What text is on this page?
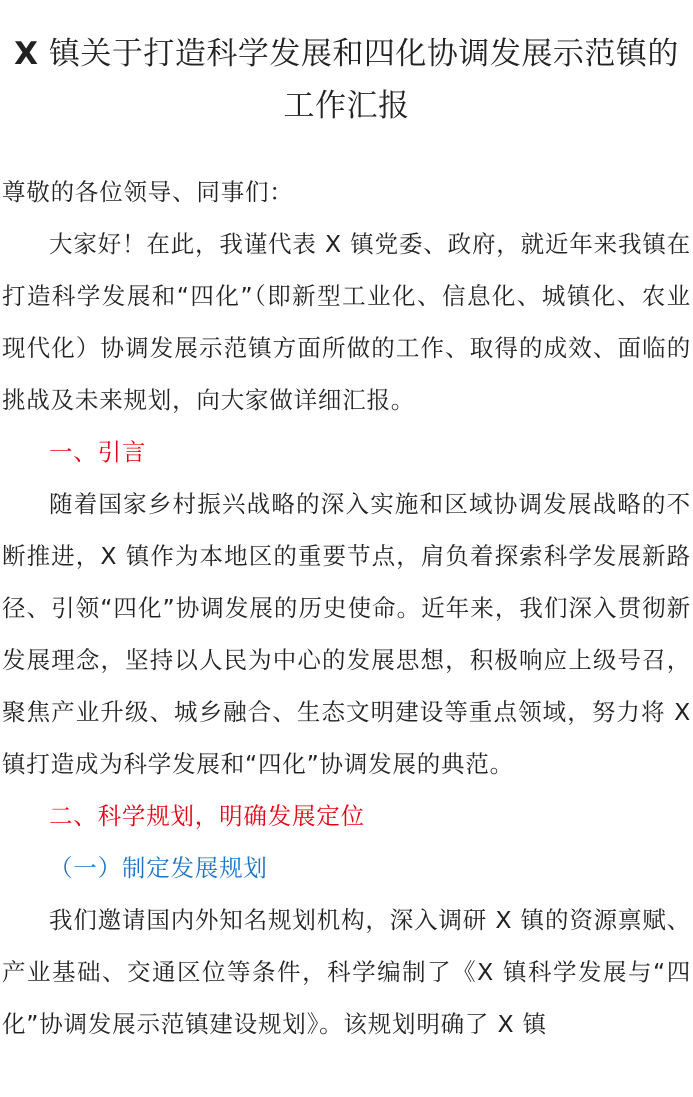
X 镇关于打造科学发展和四化协调发展示范镇的工作汇报

尊敬的各位领导、同事们：

大家好！在此，我谨代表 X 镇党委、政府，就近年来我镇在打造科学发展和“四化”（即新型工业化、信息化、城镇化、农业现代化）协调发展示范镇方面所做的工作、取得的成效、面临的挑战及未来规划，向大家做详细汇报。

一、引言

随着国家乡村振兴战略的深入实施和区域协调发展战略的不断推进，X 镇作为本地区的重要节点，肩负着探索科学发展新路径、引领“四化”协调发展的历史使命。近年来，我们深入贯彻新发展理念，坚持以人民为中心的发展思想，积极响应上级号召，聚焦产业升级、城乡融合、生态文明建设等重点领域，努力将 X 镇打造成为科学发展和“四化”协调发展的典范。

二、科学规划，明确发展定位

（一）制定发展规划

我们邀请国内外知名规划机构，深入调研 X 镇的资源禀赋、产业基础、交通区位等条件，科学编制了《X 镇科学发展与“四化”协调发展示范镇建设规划》。该规划明确了 X 镇
